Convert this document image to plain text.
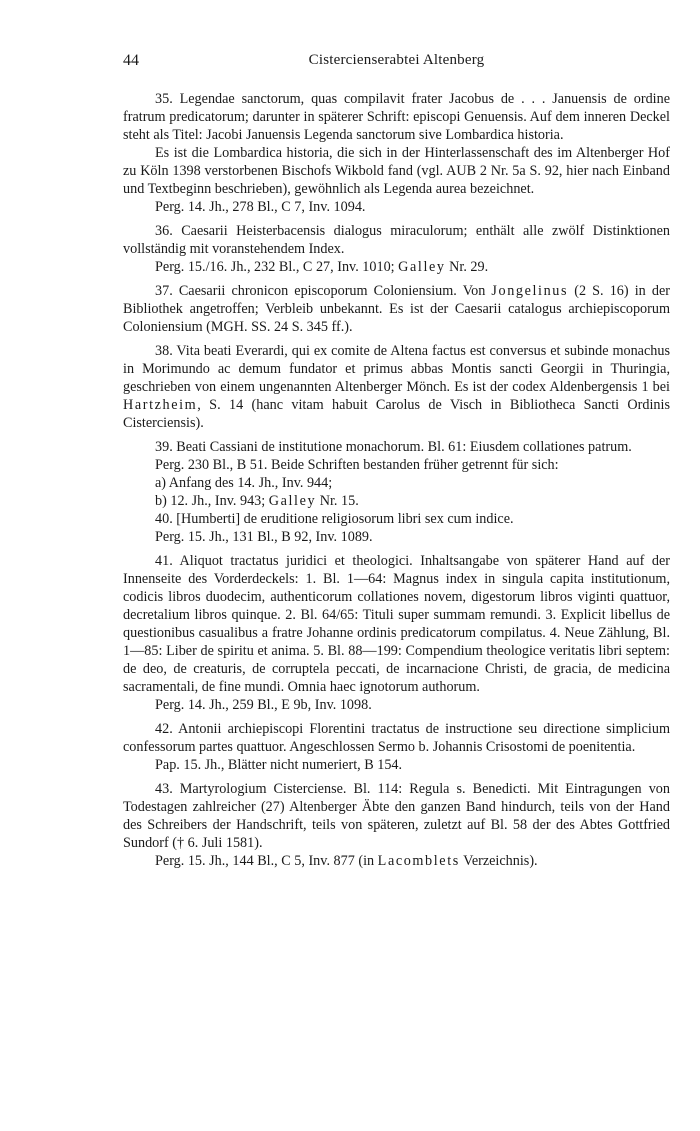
44	Cistercienserabtei Altenberg

35. Legendae sanctorum, quas compilavit frater Jacobus de . . . Januensis de ordine fratrum predicatorum; darunter in späterer Schrift: episcopi Genuensis. Auf dem inneren Deckel steht als Titel: Jacobi Januensis Legenda sanctorum sive Lombardica historia.

Es ist die Lombardica historia, die sich in der Hinterlassenschaft des im Altenberger Hof zu Köln 1398 verstorbenen Bischofs Wikbold fand (vgl. AUB 2 Nr. 5a S. 92, hier nach Einband und Textbeginn beschrieben), gewöhnlich als Legenda aurea bezeichnet.

Perg. 14. Jh., 278 Bl., C 7, Inv. 1094.

36. Caesarii Heisterbacensis dialogus miraculorum; enthält alle zwölf Distinktionen vollständig mit voranstehendem Index.

Perg. 15./16. Jh., 232 Bl., C 27, Inv. 1010; Galley Nr. 29.

37. Caesarii chronicon episcoporum Coloniensium. Von Jongelinus (2 S. 16) in der Bibliothek angetroffen; Verbleib unbekannt. Es ist der Caesarii catalogus archiepiscoporum Coloniensium (MGH. SS. 24 S. 345 ff.).

38. Vita beati Everardi, qui ex comite de Altena factus est conversus et subinde monachus in Morimundo ac demum fundator et primus abbas Montis sancti Georgii in Thuringia, geschrieben von einem ungenannten Altenberger Mönch. Es ist der codex Aldenbergensis 1 bei Hartzheim, S. 14 (hanc vitam habuit Carolus de Visch in Bibliotheca Sancti Ordinis Cisterciensis).

39. Beati Cassiani de institutione monachorum. Bl. 61: Eiusdem collationes patrum.

Perg. 230 Bl., B 51. Beide Schriften bestanden früher getrennt für sich:

a) Anfang des 14. Jh., Inv. 944;

b) 12. Jh., Inv. 943; Galley Nr. 15.

40. [Humberti] de eruditione religiosorum libri sex cum indice.

Perg. 15. Jh., 131 Bl., B 92, Inv. 1089.

41. Aliquot tractatus juridici et theologici. Inhaltsangabe von späterer Hand auf der Innenseite des Vorderdeckels: 1. Bl. 1—64: Magnus index in singula capita institutionum, codicis libros duodecim, authenticorum collationes novem, digestorum libros viginti quattuor, decretalium libros quinque. 2. Bl. 64/65: Tituli super summam remundi. 3. Explicit libellus de questionibus casualibus a fratre Johanne ordinis predicatorum compilatus. 4. Neue Zählung, Bl. 1—85: Liber de spiritu et anima. 5. Bl. 88—199: Compendium theologice veritatis libri septem: de deo, de creaturis, de corruptela peccati, de incarnacione Christi, de gracia, de medicina sacramentali, de fine mundi. Omnia haec ignotorum authorum.

Perg. 14. Jh., 259 Bl., E 9b, Inv. 1098.

42. Antonii archiepiscopi Florentini tractatus de instructione seu directione simplicium confessorum partes quattuor. Angeschlossen Sermo b. Johannis Crisostomi de poenitentia.

Pap. 15. Jh., Blätter nicht numeriert, B 154.

43. Martyrologium Cisterciense. Bl. 114: Regula s. Benedicti. Mit Eintragungen von Todestagen zahlreicher (27) Altenberger Äbte den ganzen Band hindurch, teils von der Hand des Schreibers der Handschrift, teils von späteren, zuletzt auf Bl. 58 der des Abtes Gottfried Sundorf († 6. Juli 1581).

Perg. 15. Jh., 144 Bl., C 5, Inv. 877 (in Lacomblets Verzeichnis).
